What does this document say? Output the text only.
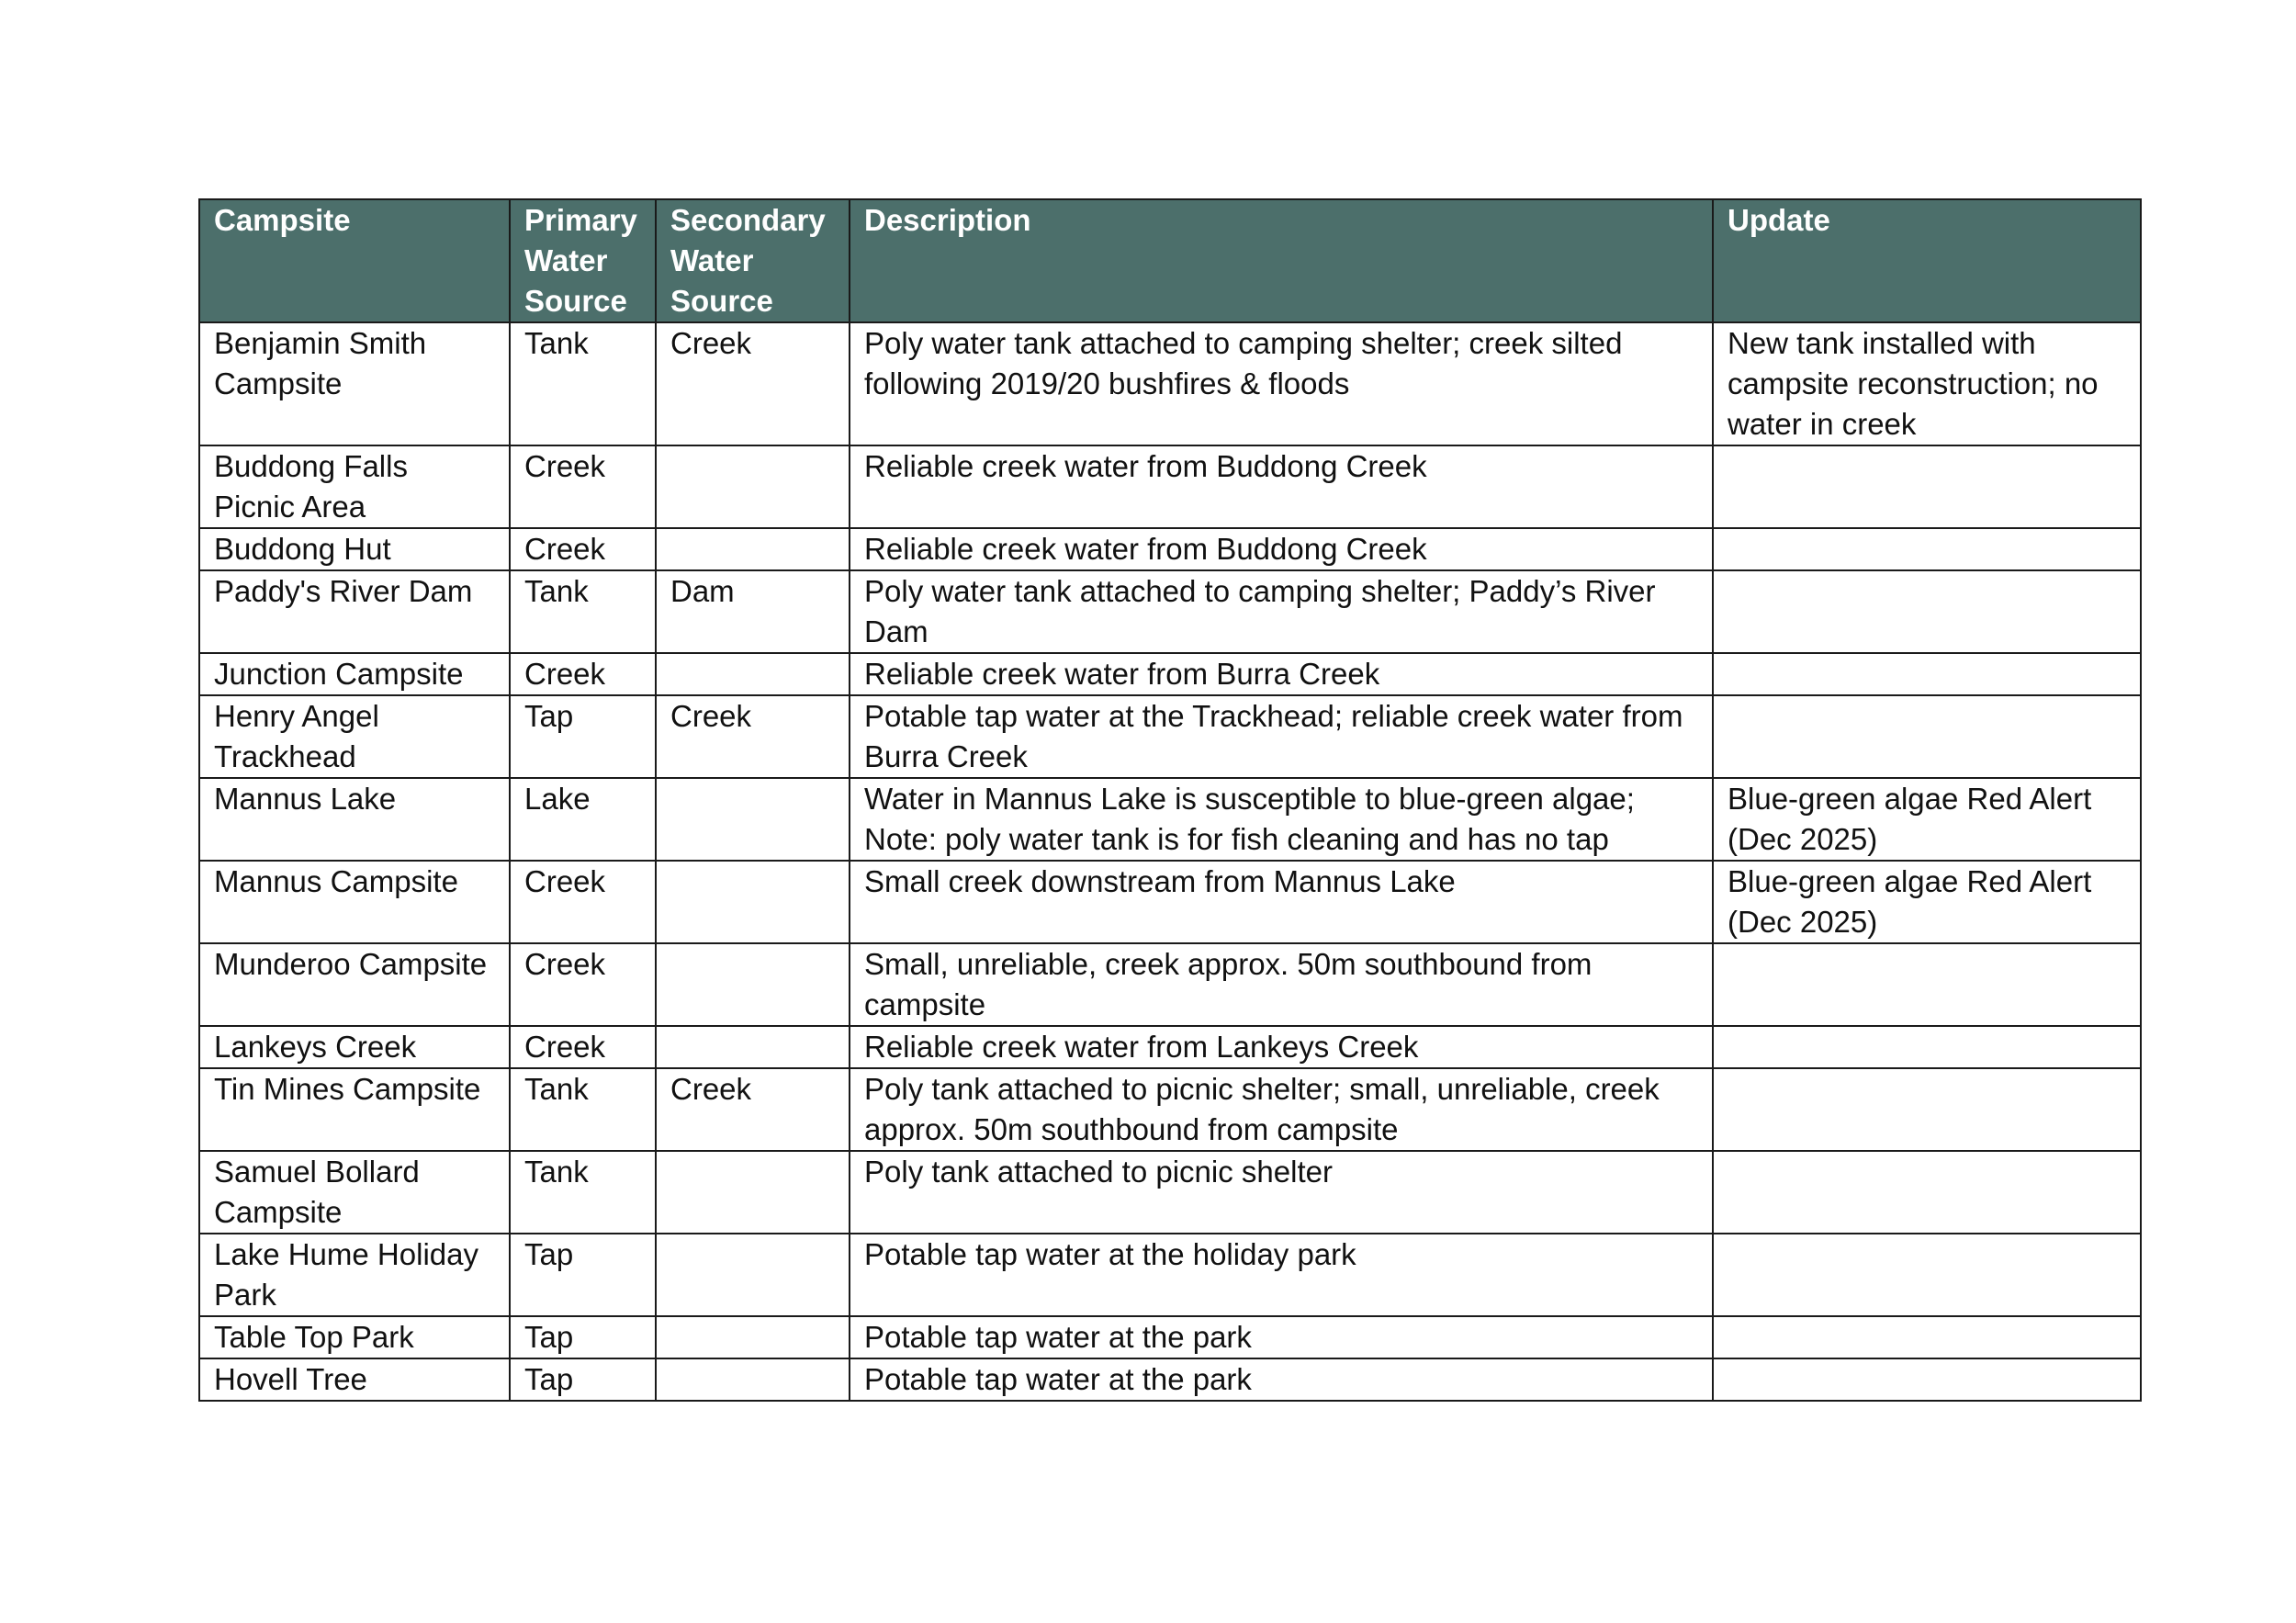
Campsite	Primary Water Source	Secondary Water Source	Description	Update
Benjamin Smith Campsite	Tank	Creek	Poly water tank attached to camping shelter; creek silted following 2019/20 bushfires & floods	New tank installed with campsite reconstruction; no water in creek
Buddong Falls Picnic Area	Creek		Reliable creek water from Buddong Creek	
Buddong Hut	Creek		Reliable creek water from Buddong Creek	
Paddy's River Dam	Tank	Dam	Poly water tank attached to camping shelter; Paddy’s River Dam	
Junction Campsite	Creek		Reliable creek water from Burra Creek	
Henry Angel Trackhead	Tap	Creek	Potable tap water at the Trackhead; reliable creek water from Burra Creek	
Mannus Lake	Lake		Water in Mannus Lake is susceptible to blue-green algae; Note: poly water tank is for fish cleaning and has no tap	Blue-green algae Red Alert (Dec 2025)
Mannus Campsite	Creek		Small creek downstream from Mannus Lake	Blue-green algae Red Alert (Dec 2025)
Munderoo Campsite	Creek		Small, unreliable, creek approx. 50m southbound from campsite	
Lankeys Creek	Creek		Reliable creek water from Lankeys Creek	
Tin Mines Campsite	Tank	Creek	Poly tank attached to picnic shelter; small, unreliable, creek approx. 50m southbound from campsite	
Samuel Bollard Campsite	Tank		Poly tank attached to picnic shelter	
Lake Hume Holiday Park	Tap		Potable tap water at the holiday park	
Table Top Park	Tap		Potable tap water at the park	
Hovell Tree	Tap		Potable tap water at the park	
